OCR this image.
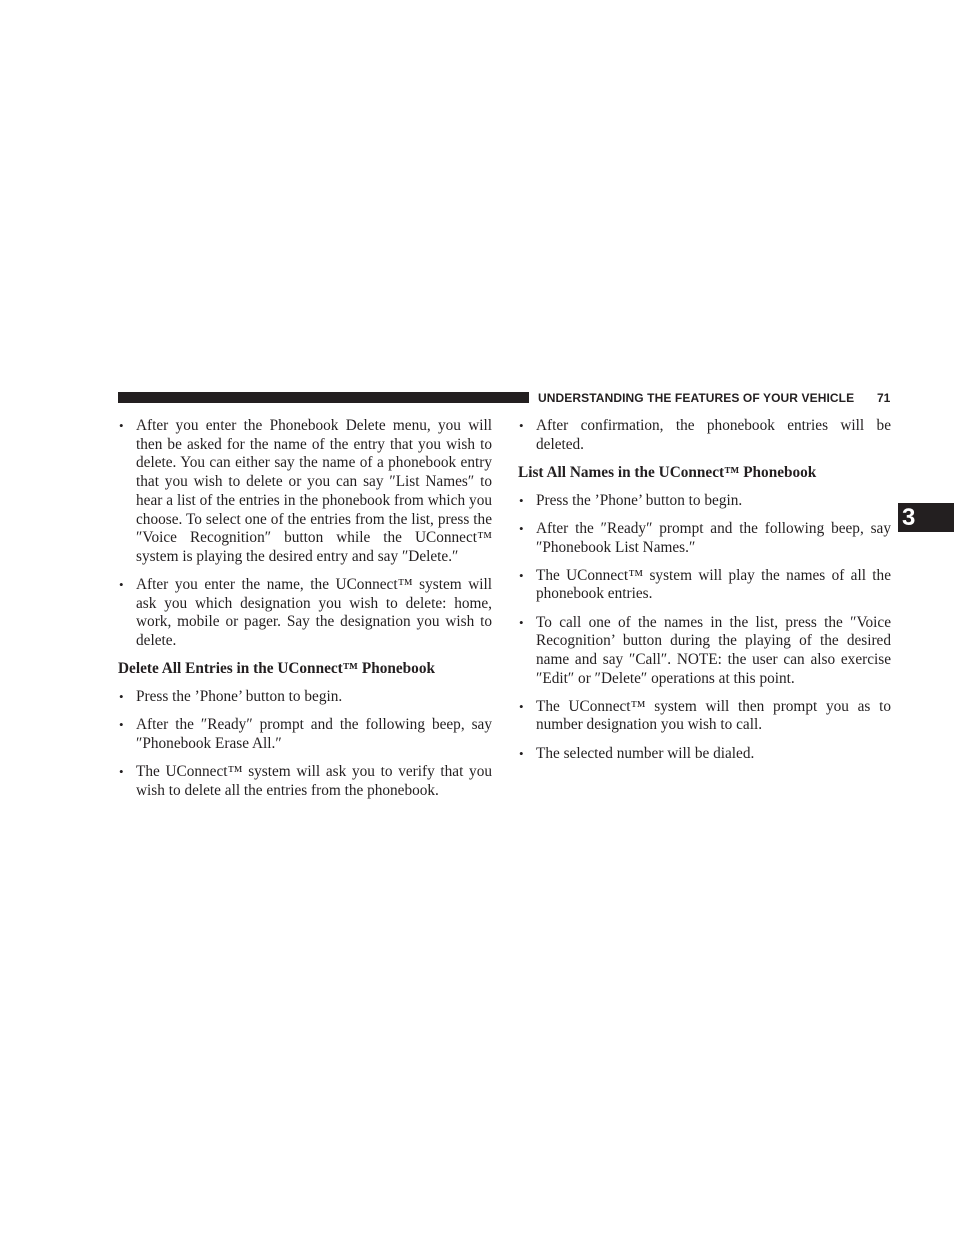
UNDERSTANDING THE FEATURES OF YOUR VEHICLE 71
3
• After you enter the Phonebook Delete menu, you will then be asked for the name of the entry that you wish to delete. You can either say the name of a phonebook entry that you wish to delete or you can say ″List Names″ to hear a list of the entries in the phonebook from which you choose. To select one of the entries from the list, press the ″Voice Recognition″ button while the UConnect™ system is playing the desired entry and say ″Delete.″
• After you enter the name, the UConnect™ system will ask you which designation you wish to delete: home, work, mobile or pager. Say the designation you wish to delete.
Delete All Entries in the UConnect™ Phonebook
• Press the ’Phone’ button to begin.
• After the ″Ready″ prompt and the following beep, say ″Phonebook Erase All.″
• The UConnect™ system will ask you to verify that you wish to delete all the entries from the phonebook.
• After confirmation, the phonebook entries will be deleted.
List All Names in the UConnect™ Phonebook
• Press the ’Phone’ button to begin.
• After the ″Ready″ prompt and the following beep, say ″Phonebook List Names.″
• The UConnect™ system will play the names of all the phonebook entries.
• To call one of the names in the list, press the ″Voice Recognition’ button during the playing of the desired name and say ″Call″. NOTE: the user can also exercise ″Edit″ or ″Delete″ operations at this point.
• The UConnect™ system will then prompt you as to number designation you wish to call.
• The selected number will be dialed.
